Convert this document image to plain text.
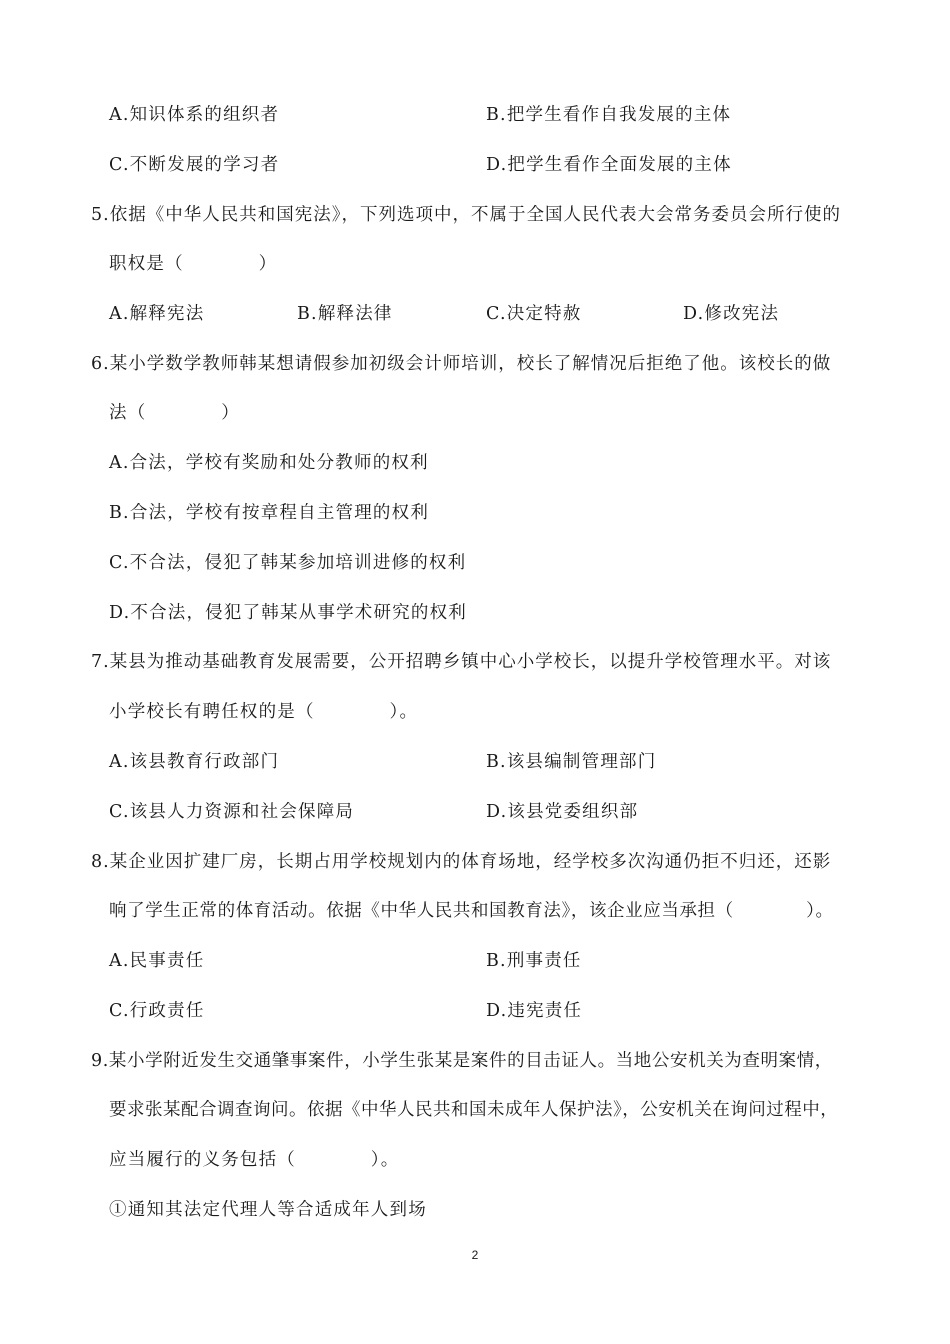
A.知识体系的组织者	B.把学生看作自我发展的主体
C.不断发展的学习者	D.把学生看作全面发展的主体
5.依据《中华人民共和国宪法》，下列选项中，不属于全国人民代表大会常务委员会所行使的
职权是（　　　　）
A.解释宪法	B.解释法律	C.决定特赦	D.修改宪法
6.某小学数学教师韩某想请假参加初级会计师培训，校长了解情况后拒绝了他。该校长的做
法（　　　　）
A.合法，学校有奖励和处分教师的权利
B.合法，学校有按章程自主管理的权利
C.不合法，侵犯了韩某参加培训进修的权利
D.不合法，侵犯了韩某从事学术研究的权利
7.某县为推动基础教育发展需要，公开招聘乡镇中心小学校长，以提升学校管理水平。对该
小学校长有聘任权的是（　　　　）。
A.该县教育行政部门	B.该县编制管理部门
C.该县人力资源和社会保障局	D.该县党委组织部
8.某企业因扩建厂房，长期占用学校规划内的体育场地，经学校多次沟通仍拒不归还，还影
响了学生正常的体育活动。依据《中华人民共和国教育法》，该企业应当承担（　　　　）。
A.民事责任	B.刑事责任
C.行政责任	D.违宪责任
9.某小学附近发生交通肇事案件，小学生张某是案件的目击证人。当地公安机关为查明案情，
要求张某配合调查询问。依据《中华人民共和国未成年人保护法》，公安机关在询问过程中，
应当履行的义务包括（　　　　）。
①通知其法定代理人等合适成年人到场
2
